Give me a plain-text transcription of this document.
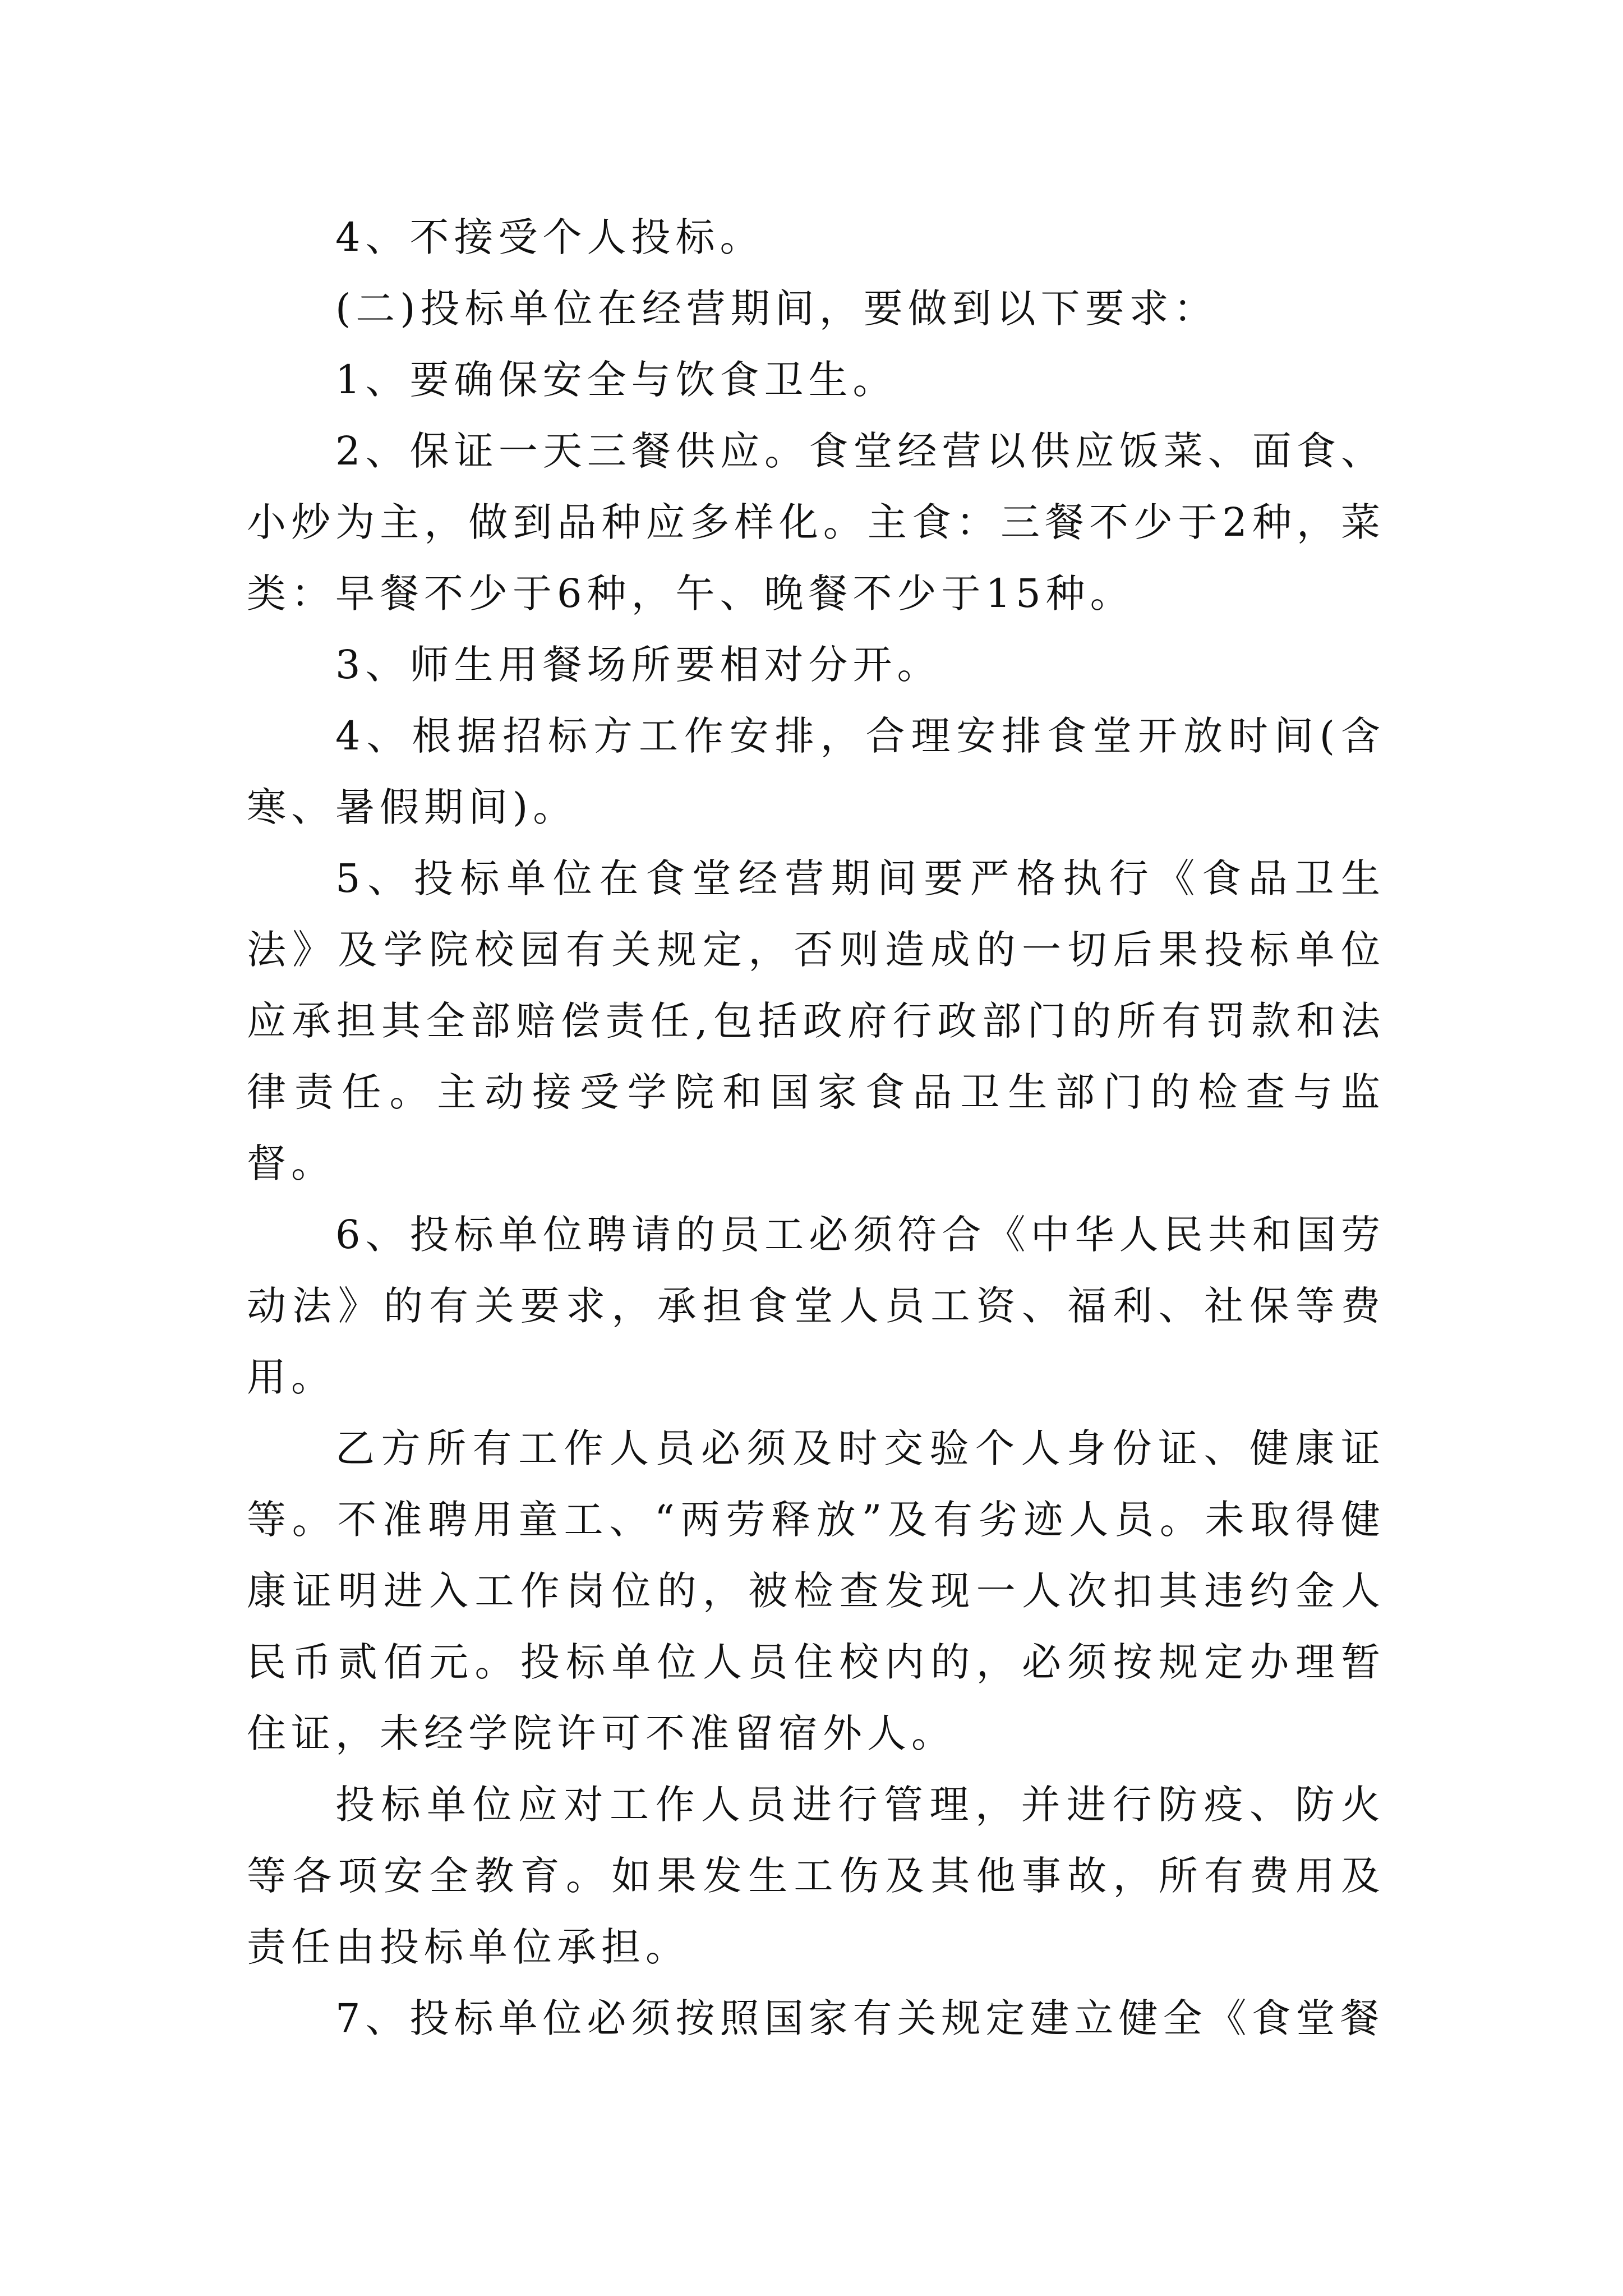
4、不接受个人投标。

(二)投标单位在经营期间，要做到以下要求：

1、要确保安全与饮食卫生。

2、保证一天三餐供应。食堂经营以供应饭菜、面食、小炒为主，做到品种应多样化。主食：三餐不少于2种，菜类：早餐不少于6种，午、晚餐不少于15种。

3、师生用餐场所要相对分开。

4、根据招标方工作安排，合理安排食堂开放时间(含寒、暑假期间)。

5、投标单位在食堂经营期间要严格执行《食品卫生法》及学院校园有关规定，否则造成的一切后果投标单位应承担其全部赔偿责任,包括政府行政部门的所有罚款和法律责任。主动接受学院和国家食品卫生部门的检查与监督。

6、投标单位聘请的员工必须符合《中华人民共和国劳动法》的有关要求，承担食堂人员工资、福利、社保等费用。

乙方所有工作人员必须及时交验个人身份证、健康证等。不准聘用童工、“两劳释放”及有劣迹人员。未取得健康证明进入工作岗位的，被检查发现一人次扣其违约金人民币贰佰元。投标单位人员住校内的，必须按规定办理暂住证，未经学院许可不准留宿外人。

投标单位应对工作人员进行管理，并进行防疫、防火等各项安全教育。如果发生工伤及其他事故，所有费用及责任由投标单位承担。

7、投标单位必须按照国家有关规定建立健全《食堂餐
